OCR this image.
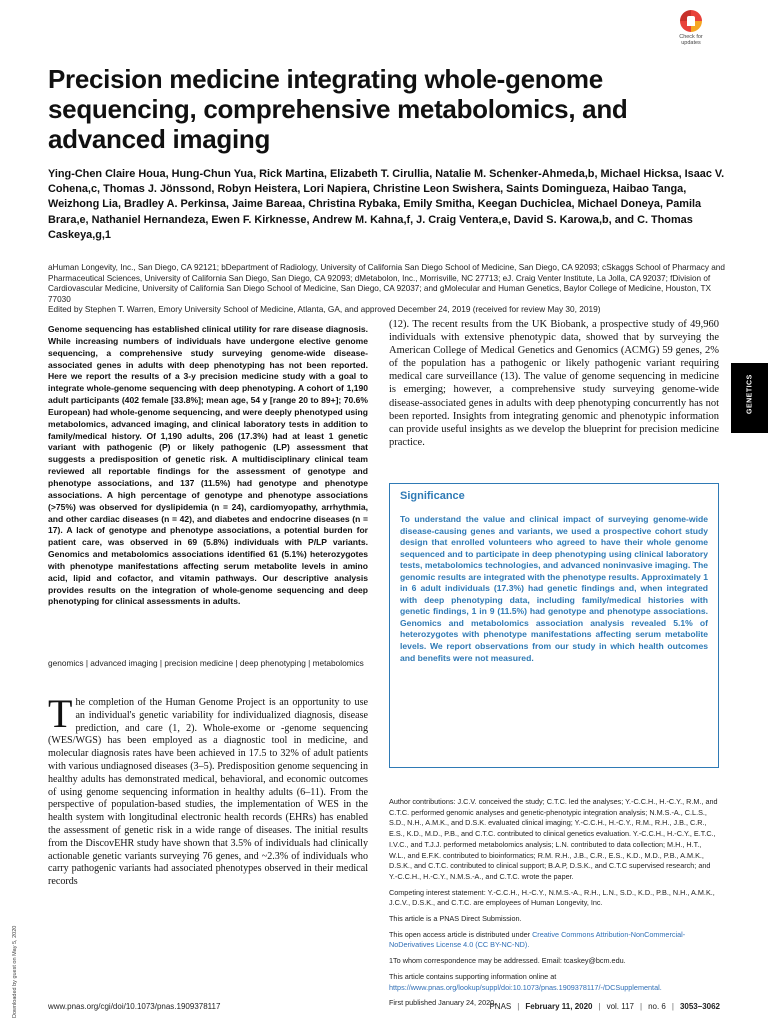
Check for
updates
Precision medicine integrating whole-genome sequencing, comprehensive metabolomics, and advanced imaging
Ying-Chen Claire Houa, Hung-Chun Yua, Rick Martina, Elizabeth T. Cirullia, Natalie M. Schenker-Ahmeda,b, Michael Hicksa, Isaac V. Cohena,c, Thomas J. Jönssond, Robyn Heistera, Lori Napiera, Christine Leon Swishera, Saints Domingueza, Haibao Tanga, Weizhong Lia, Bradley A. Perkinsa, Jaime Bareaa, Christina Rybaka, Emily Smitha, Keegan Duchiclea, Michael Doneya, Pamila Brara,e, Nathaniel Hernandeza, Ewen F. Kirknesse, Andrew M. Kahna,f, J. Craig Ventera,e, David S. Karowa,b, and C. Thomas Caskeya,g,1
aHuman Longevity, Inc., San Diego, CA 92121; bDepartment of Radiology, University of California San Diego School of Medicine, San Diego, CA 92093; cSkaggs School of Pharmacy and Pharmaceutical Sciences, University of California San Diego, San Diego, CA 92093; dMetabolon, Inc., Morrisville, NC 27713; eJ. Craig Venter Institute, La Jolla, CA 92037; fDivision of Cardiovascular Medicine, University of California San Diego School of Medicine, San Diego, CA 92037; and gMolecular and Human Genetics, Baylor College of Medicine, Houston, TX 77030
Edited by Stephen T. Warren, Emory University School of Medicine, Atlanta, GA, and approved December 24, 2019 (received for review May 30, 2019)
Genome sequencing has established clinical utility for rare disease diagnosis. While increasing numbers of individuals have undergone elective genome sequencing, a comprehensive study surveying genome-wide disease-associated genes in adults with deep phenotyping has not been reported. Here we report the results of a 3-y precision medicine study with a goal to integrate whole-genome sequencing with deep phenotyping. A cohort of 1,190 adult participants (402 female [33.8%]; mean age, 54 y [range 20 to 89+]; 70.6% European) had whole-genome sequencing, and were deeply phenotyped using metabolomics, advanced imaging, and clinical laboratory tests in addition to family/medical history. Of 1,190 adults, 206 (17.3%) had at least 1 genetic variant with pathogenic (P) or likely pathogenic (LP) assessment that suggests a predisposition of genetic risk. A multidisciplinary clinical team reviewed all reportable findings for the assessment of genotype and phenotype associations, and 137 (11.5%) had genotype and phenotype associations. A high percentage of genotype and phenotype associations (>75%) was observed for dyslipidemia (n = 24), cardiomyopathy, arrhythmia, and other cardiac diseases (n = 42), and diabetes and endocrine diseases (n = 17). A lack of genotype and phenotype associations, a potential burden for patient care, was observed in 69 (5.8%) individuals with P/LP variants. Genomics and metabolomics associations identified 61 (5.1%) heterozygotes with phenotype manifestations affecting serum metabolite levels in amino acid, lipid and cofactor, and vitamin pathways. Our descriptive analysis provides results on the integration of whole-genome sequencing and deep phenotyping for clinical assessments in adults.
genomics | advanced imaging | precision medicine | deep phenotyping | metabolomics
The completion of the Human Genome Project is an opportunity to use an individual's genetic variability for individualized diagnosis, disease prediction, and care (1, 2). Whole-exome or -genome sequencing (WES/WGS) has been employed as a diagnostic tool in medicine, and molecular diagnosis rates have been achieved in 17.5 to 32% of adult patients with various undiagnosed diseases (3–5). Predisposition genome sequencing in healthy adults has demonstrated medical, behavioral, and economic outcomes of using genome sequencing information in healthy adults (6–11). From the perspective of population-based studies, the implementation of WES in the health system with longitudinal electronic health records (EHRs) has enabled the assessment of genetic risk in a wide range of diseases. The initial results from the DiscovEHR study have shown that 3.5% of individuals had clinically actionable genetic variants surveying 76 genes, and ~2.3% of individuals who carry pathogenic variants had associated phenotypes observed in their medical records
(12). The recent results from the UK Biobank, a prospective study of 49,960 individuals with extensive phenotypic data, showed that by surveying the American College of Medical Genetics and Genomics (ACMG) 59 genes, 2% of the population has a pathogenic or likely pathogenic variant requiring medical care surveillance (13). The value of genome sequencing in medicine is emerging; however, a comprehensive study surveying genome-wide disease-associated genes in adults with deep phenotyping concurrently has not been reported. Insights from integrating genomic and phenotypic information can provide useful insights as we develop the blueprint for precision medicine practice.
Significance
To understand the value and clinical impact of surveying genome-wide disease-causing genes and variants, we used a prospective cohort study design that enrolled volunteers who agreed to have their whole genome sequenced and to participate in deep phenotyping using clinical laboratory tests, metabolomics technologies, and advanced noninvasive imaging. The genomic results are integrated with the phenotype results. Approximately 1 in 6 adult individuals (17.3%) had genetic findings and, when integrated with deep phenotyping data, including family/medical histories with genetic findings, 1 in 9 (11.5%) had genotype and phenotype associations. Genomics and metabolomics association analysis revealed 5.1% of heterozygotes with phenotype manifestations affecting serum metabolite levels. We report observations from our study in which health outcomes and benefits were not measured.

Author contributions: J.C.V. conceived the study; C.T.C. led the analyses; Y.-C.C.H., H.-C.Y., R.M., and C.T.C. performed genomic analyses and genetic-phenotypic integration analysis; N.M.S.-A., C.L.S., S.D., N.H., A.M.K., and D.S.K. evaluated clinical imaging; Y.-C.C.H., H.-C.Y., R.M., R.H., J.B., C.R., E.S., K.D., M.D., P.B., and C.T.C. contributed to clinical genetics evaluation. Y.-C.C.H., H.-C.Y., E.T.C., I.V.C., and T.J.J. performed metabolomics analysis; L.N. contributed to data collection; M.H., H.T., W.L., and E.F.K. contributed to bioinformatics; R.M. R.H., J.B., C.R., E.S., K.D., M.D., P.B., A.M.K., D.S.K., and C.T.C. contributed to clinical support; B.A.P, D.S.K., and C.T.C supervised research; and Y.-C.C.H., H.-C.Y., N.M.S.-A., and C.T.C. wrote the paper.

Competing interest statement: Y.-C.C.H., H.-C.Y., N.M.S.-A., R.H., L.N., S.D., K.D., P.B., N.H., A.M.K., J.C.V., D.S.K., and C.T.C. are employees of Human Longevity, Inc.

This article is a PNAS Direct Submission.

This open access article is distributed under Creative Commons Attribution-NonCommercial-NoDerivatives License 4.0 (CC BY-NC-ND).

1To whom correspondence may be addressed. Email: tcaskey@bcm.edu.

This article contains supporting information online at https://www.pnas.org/lookup/suppl/doi:10.1073/pnas.1909378117/-/DCSupplemental.

First published January 24, 2020.

GENETICS
Downloaded by guest on May 5, 2020	www.pnas.org/cgi/doi/10.1073/pnas.1909378117	PNAS | February 11, 2020 | vol. 117 | no. 6 | 3053–3062
